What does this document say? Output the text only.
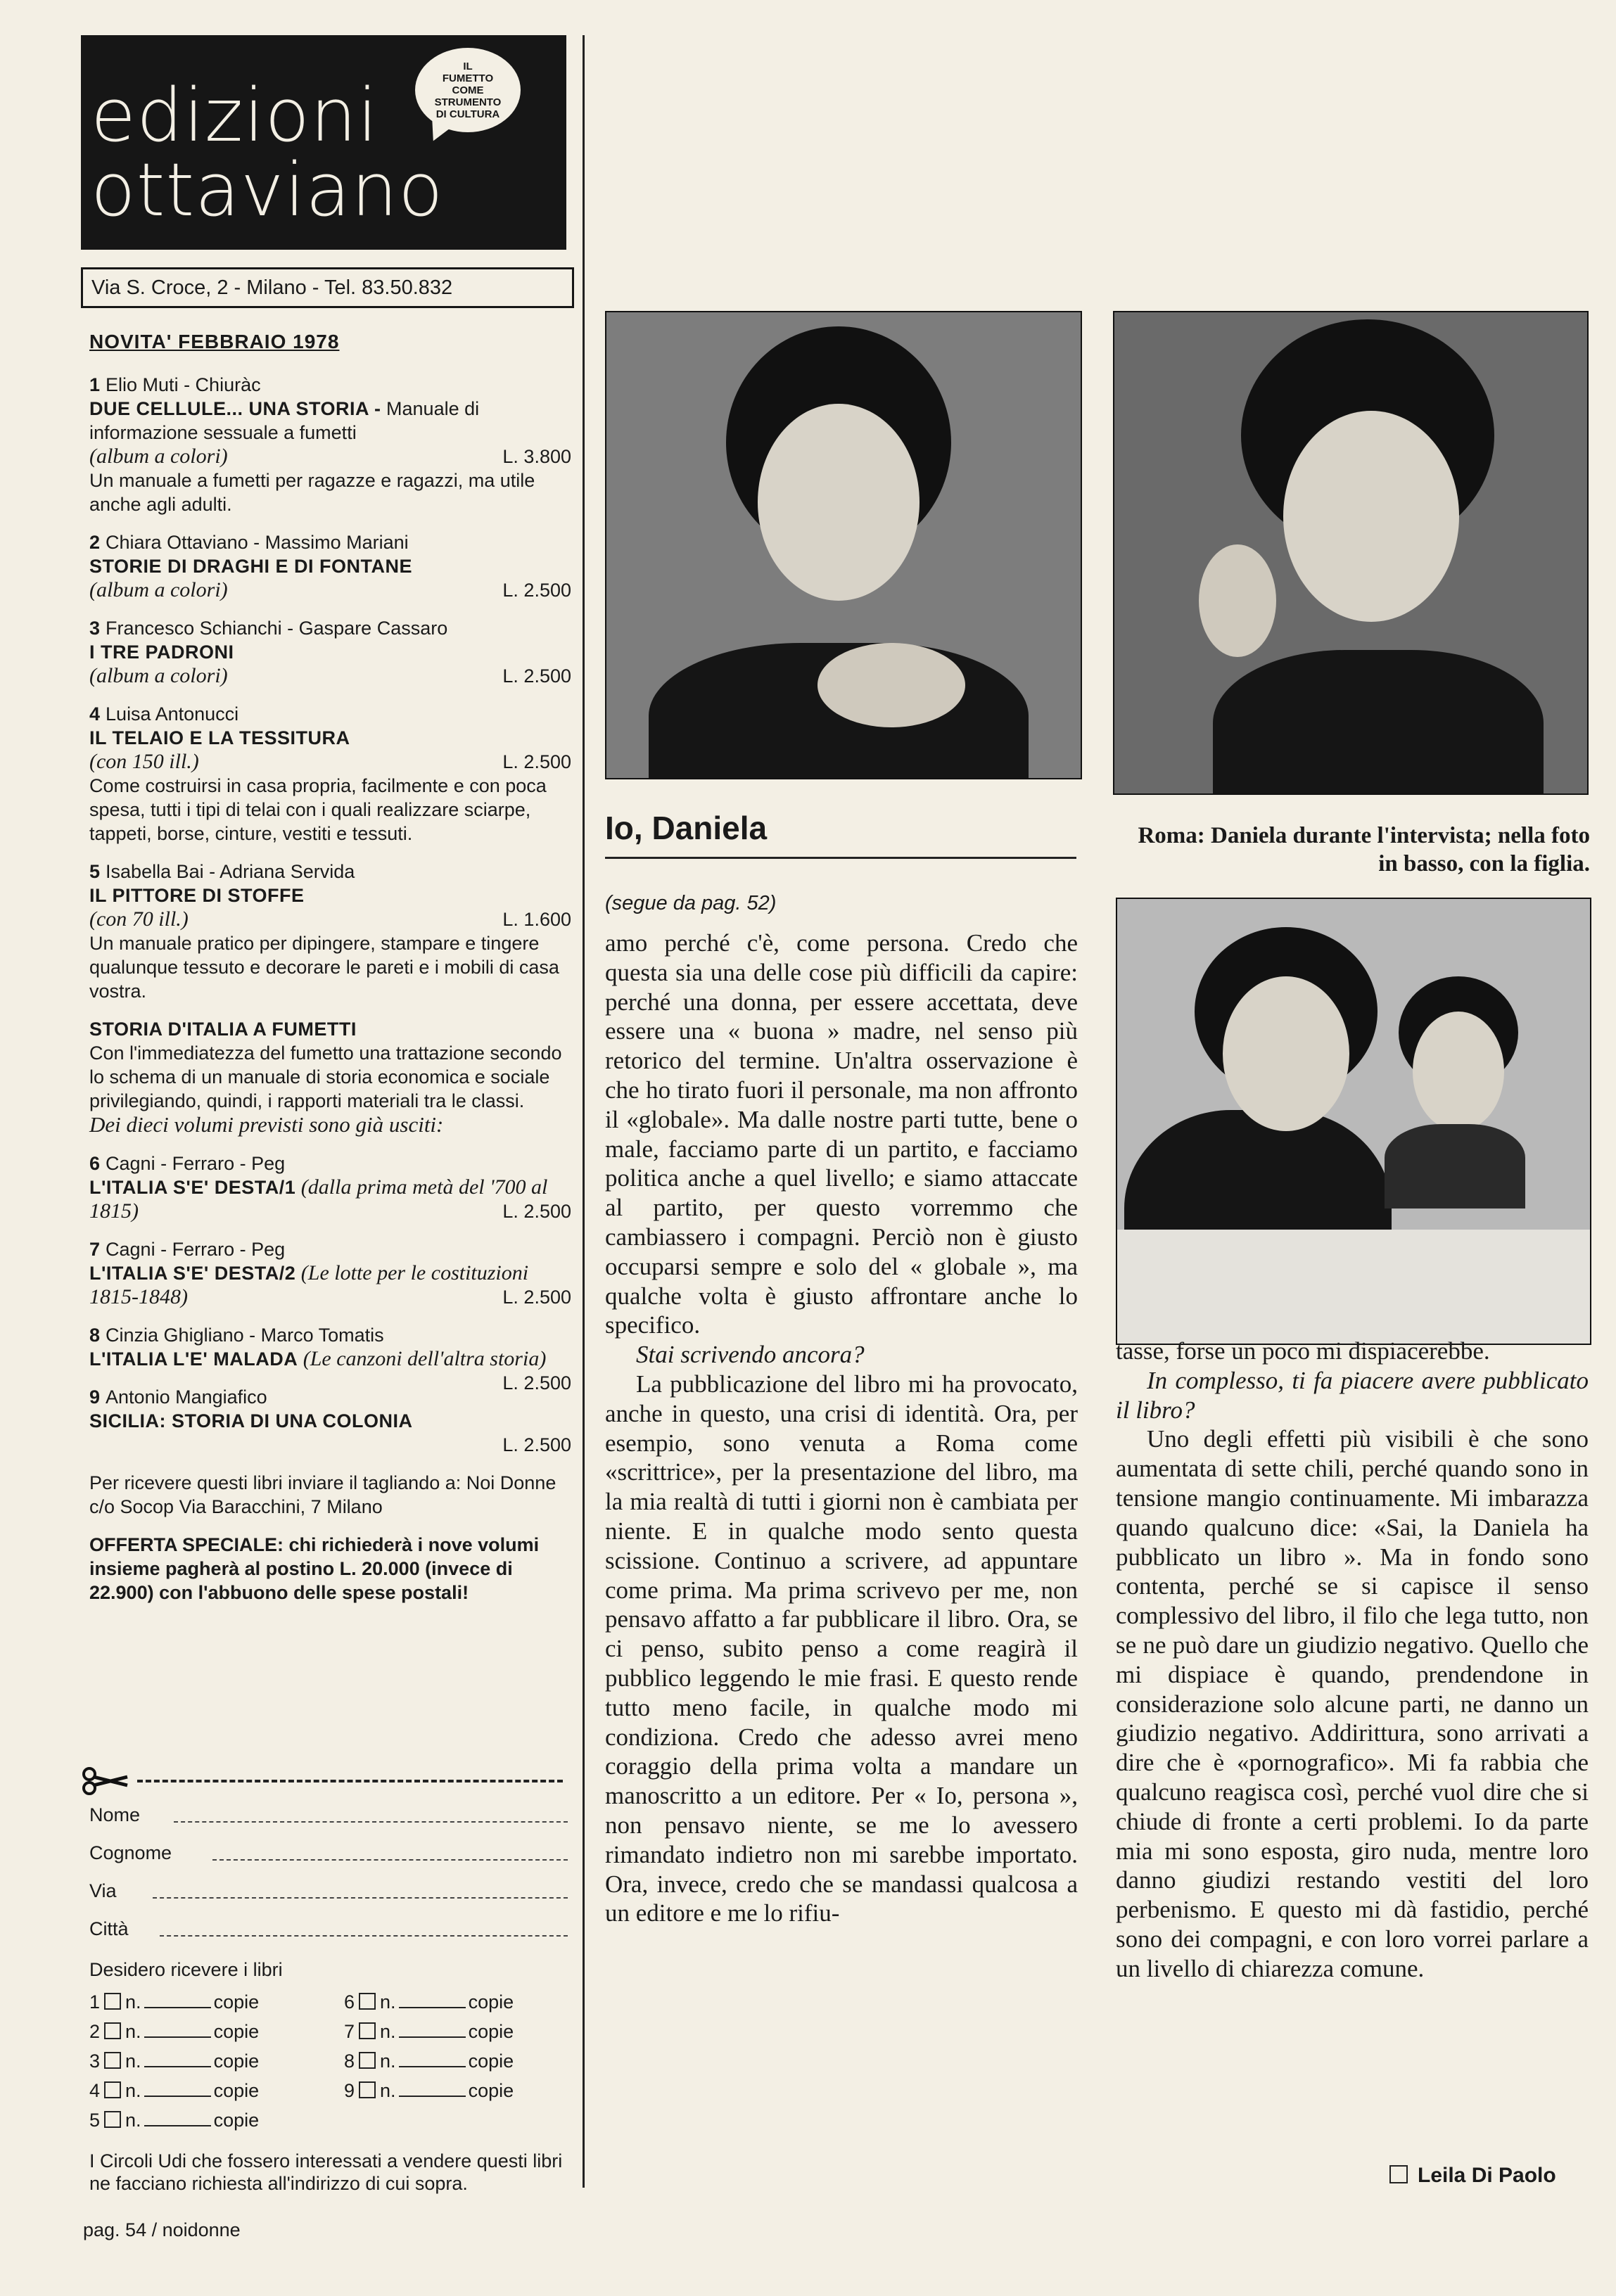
edizioni
ottaviano
IL
FUMETTO
COME
STRUMENTO
DI CULTURA
Via S. Croce, 2 - Milano - Tel. 83.50.832
NOVITA' FEBBRAIO 1978
1 Elio Muti - Chiuràc
DUE CELLULE... UNA STORIA - Manuale di informazione sessuale a fumetti
(album a colori)	L. 3.800
Un manuale a fumetti per ragazze e ragazzi, ma utile anche agli adulti.
2 Chiara Ottaviano - Massimo Mariani
STORIE DI DRAGHI E DI FONTANE
(album a colori)	L. 2.500
3 Francesco Schianchi - Gaspare Cassaro
I TRE PADRONI
(album a colori)	L. 2.500
4 Luisa Antonucci
IL TELAIO E LA TESSITURA
(con 150 ill.)	L. 2.500
Come costruirsi in casa propria, facilmente e con poca spesa, tutti i tipi di telai con i quali realizzare sciarpe, tappeti, borse, cinture, vestiti e tessuti.
5 Isabella Bai - Adriana Servida
IL PITTORE DI STOFFE
(con 70 ill.)	L. 1.600
Un manuale pratico per dipingere, stampare e tingere qualunque tessuto e decorare le pareti e i mobili di casa vostra.
STORIA D'ITALIA A FUMETTI
Con l'immediatezza del fumetto una trattazione secondo lo schema di un manuale di storia economica e sociale privilegiando, quindi, i rapporti materiali tra le classi.
Dei dieci volumi previsti sono già usciti:
6 Cagni - Ferraro - Peg
L'ITALIA S'E' DESTA/1 (dalla prima metà del '700 al 1815)	L. 2.500
7 Cagni - Ferraro - Peg
L'ITALIA S'E' DESTA/2 (Le lotte per le costituzioni 1815-1848)	L. 2.500
8 Cinzia Ghigliano - Marco Tomatis
L'ITALIA L'E' MALADA (Le canzoni dell'altra storia)
L. 2.500
9 Antonio Mangiafico
SICILIA: STORIA DI UNA COLONIA
L. 2.500
Per ricevere questi libri inviare il tagliando a: Noi Donne c/o Socop Via Baracchini, 7 Milano
OFFERTA SPECIALE: chi richiederà i nove volumi insieme pagherà al postino L. 20.000 (invece di 22.900) con l'abbuono delle spese postali!
Nome
Cognome
Via
Città
Desidero ricevere i libri
1 n.	copie
2 n.	copie
3 n.	copie
4 n.	copie
5 n.	copie
6 n.	copie
7 n.	copie
8 n.	copie
9 n.	copie
I Circoli Udi che fossero interessati a vendere questi libri ne facciano richiesta all'indirizzo di cui sopra.
pag. 54 / noidonne
Io, Daniela	Roma: Daniela durante l'intervista; nella foto in basso, con la figlia.
(segue da pag. 52)

amo perché c'è, come persona. Credo che questa sia una delle cose più difficili da capire: perché una donna, per essere accettata, deve essere una « buona » madre, nel senso più retorico del termine. Un'altra osservazione è che ho tirato fuori il personale, ma non affronto il «globale». Ma dalle nostre parti tutte, bene o male, facciamo parte di un partito, e facciamo politica anche a quel livello; e siamo attaccate al partito, per questo vorremmo che cambiassero i compagni. Perciò non è giusto occuparsi sempre e solo del « globale », ma qualche volta è giusto affrontare anche lo specifico.

Stai scrivendo ancora?

La pubblicazione del libro mi ha provocato, anche in questo, una crisi di identità. Ora, per esempio, sono venuta a Roma come «scrittrice», per la presentazione del libro, ma la mia realtà di tutti i giorni non è cambiata per niente. E in qualche modo sento questa scissione. Continuo a scrivere, ad appuntare come prima. Ma prima scrivevo per me, non pensavo affatto a far pubblicare il libro. Ora, se ci penso, subito penso a come reagirà il pubblico leggendo le mie frasi. E questo rende tutto meno facile, in qualche modo mi condiziona. Credo che adesso avrei meno coraggio della prima volta a mandare un manoscritto a un editore. Per « Io, persona », non pensavo niente, se me lo avessero rimandato indietro non mi sarebbe importato. Ora, invece, credo che se mandassi qualcosa a un editore e me lo rifiu-

tasse, forse un poco mi dispiacerebbe.

In complesso, ti fa piacere avere pubblicato il libro?

Uno degli effetti più visibili è che sono aumentata di sette chili, perché quando sono in tensione mangio continuamente. Mi imbarazza quando qualcuno dice: «Sai, la Daniela ha pubblicato un libro ». Ma in fondo sono contenta, perché se si capisce il senso complessivo del libro, il filo che lega tutto, non se ne può dare un giudizio negativo. Quello che mi dispiace è quando, prendendone in considerazione solo alcune parti, ne danno un giudizio negativo. Addirittura, sono arrivati a dire che è «pornografico». Mi fa rabbia che qualcuno reagisca così, perché vuol dire che si chiude di fronte a certi problemi. Io da parte mia mi sono esposta, giro nuda, mentre loro danno giudizi restando vestiti del loro perbenismo. E questo mi dà fastidio, perché sono dei compagni, e con loro vorrei parlare a un livello di chiarezza comune.

Leila Di Paolo
